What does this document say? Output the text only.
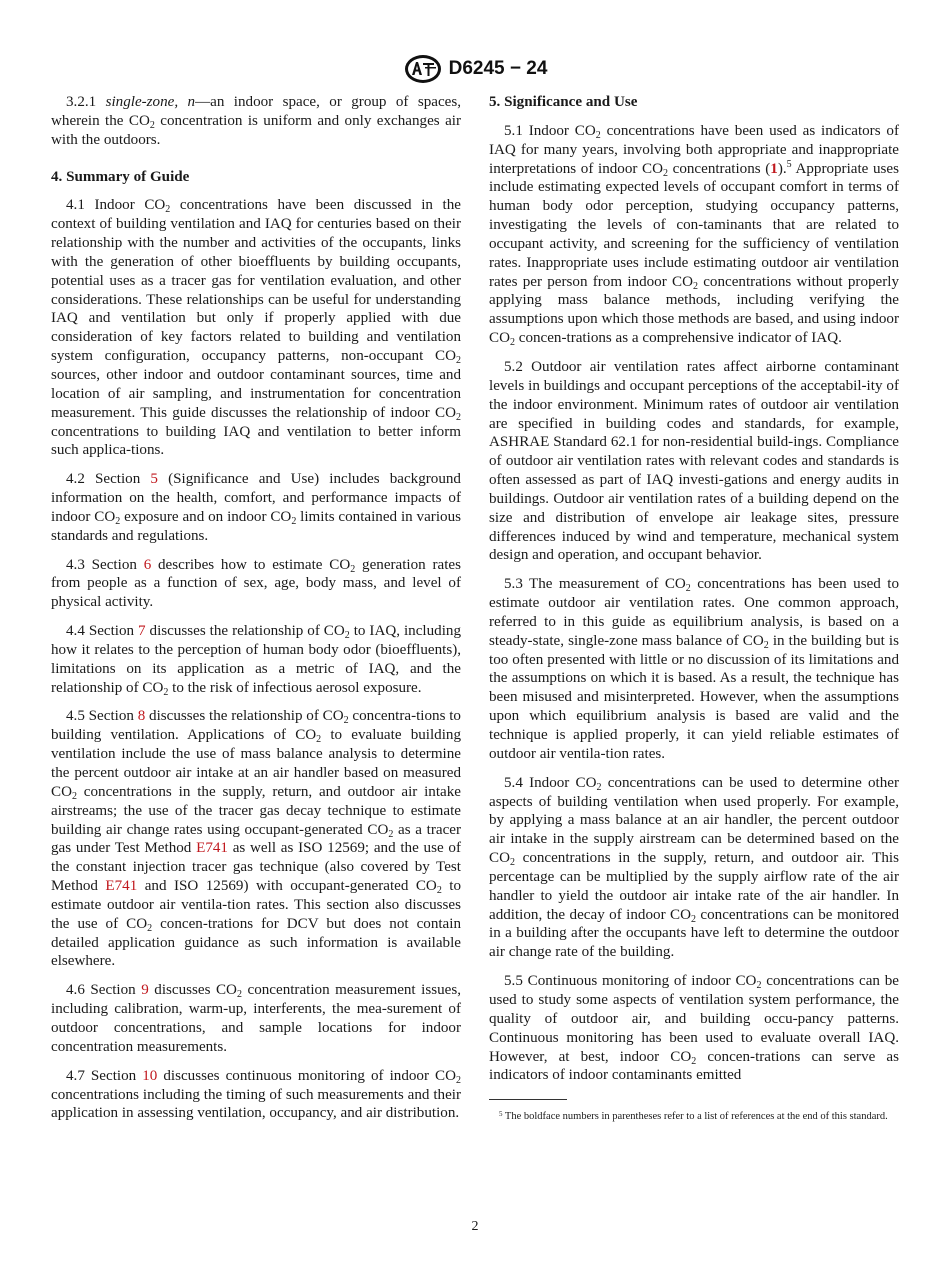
D6245 − 24

3.2.1 single-zone, n—an indoor space, or group of spaces, wherein the $CO_2$ concentration is uniform and only exchanges air with the outdoors.

4. Summary of Guide

4.1 Indoor $CO_2$ concentrations have been discussed in the context of building ventilation and IAQ for centuries based on their relationship with the number and activities of the occupants, links with the generation of other bioeffluents by building occupants, potential uses as a tracer gas for ventilation evaluation, and other considerations. These relationships can be useful for understanding IAQ and ventilation but only if properly applied with due consideration of key factors related to building and ventilation system configuration, occupancy patterns, non-occupant $CO_2$ sources, other indoor and outdoor contaminant sources, time and location of air sampling, and instrumentation for concentration measurement. This guide discusses the relationship of indoor $CO_2$ concentrations to building IAQ and ventilation to better inform such applica-tions.

4.2 Section 5 (Significance and Use) includes background information on the health, comfort, and performance impacts of indoor $CO_2$ exposure and on indoor $CO_2$ limits contained in various standards and regulations.

4.3 Section 6 describes how to estimate $CO_2$ generation rates from people as a function of sex, age, body mass, and level of physical activity.

4.4 Section 7 discusses the relationship of $CO_2$ to IAQ, including how it relates to the perception of human body odor (bioeffluents), limitations on its application as a metric of IAQ, and the relationship of $CO_2$ to the risk of infectious aerosol exposure.

4.5 Section 8 discusses the relationship of $CO_2$ concentra-tions to building ventilation. Applications of $CO_2$ to evaluate building ventilation include the use of mass balance analysis to determine the percent outdoor air intake at an air handler based on measured $CO_2$ concentrations in the supply, return, and outdoor air intake airstreams; the use of the tracer gas decay technique to estimate building air change rates using occupant-generated $CO_2$ as a tracer gas under Test Method E741 as well as ISO 12569; and the use of the constant injection tracer gas technique (also covered by Test Method E741 and ISO 12569) with occupant-generated $CO_2$ to estimate outdoor air ventila-tion rates. This section also discusses the use of $CO_2$ concen-trations for DCV but does not contain detailed application guidance as such information is available elsewhere.

4.6 Section 9 discusses $CO_2$ concentration measurement issues, including calibration, warm-up, interferents, the mea-surement of outdoor concentrations, and sample locations for indoor concentration measurements.

4.7 Section 10 discusses continuous monitoring of indoor $CO_2$ concentrations including the timing of such measurements and their application in assessing ventilation, occupancy, and air distribution.

5. Significance and Use

5.1 Indoor $CO_2$ concentrations have been used as indicators of IAQ for many years, involving both appropriate and inappropriate interpretations of indoor $CO_2$ concentrations (1).$^5$ Appropriate uses include estimating expected levels of occupant comfort in terms of human body odor perception, studying occupancy patterns, investigating the levels of con-taminants that are related to occupant activity, and screening for the sufficiency of ventilation rates. Inappropriate uses include estimating outdoor air ventilation rates per person from indoor $CO_2$ concentrations without properly applying mass balance methods, including verifying the assumptions upon which those methods are based, and using indoor $CO_2$ concen-trations as a comprehensive indicator of IAQ.

5.2 Outdoor air ventilation rates affect airborne contaminant levels in buildings and occupant perceptions of the acceptabil-ity of the indoor environment. Minimum rates of outdoor air ventilation are specified in building codes and standards, for example, ASHRAE Standard 62.1 for non-residential build-ings. Compliance of outdoor air ventilation rates with relevant codes and standards is often assessed as part of IAQ investi-gations and energy audits in buildings. Outdoor air ventilation rates of a building depend on the size and distribution of envelope air leakage sites, pressure differences induced by wind and temperature, mechanical system design and operation, and occupant behavior.

5.3 The measurement of $CO_2$ concentrations has been used to estimate outdoor air ventilation rates. One common approach, referred to in this guide as equilibrium analysis, is based on a steady-state, single-zone mass balance of $CO_2$ in the building but is too often presented with little or no discussion of its limitations and the assumptions on which it is based. As a result, the technique has been misused and misinterpreted. However, when the assumptions upon which equilibrium analysis is based are valid and the technique is applied properly, it can yield reliable estimates of outdoor air ventila-tion rates.

5.4 Indoor $CO_2$ concentrations can be used to determine other aspects of building ventilation when used properly. For example, by applying a mass balance at an air handler, the percent outdoor air intake in the supply airstream can be determined based on the $CO_2$ concentrations in the supply, return, and outdoor air. This percentage can be multiplied by the supply airflow rate of the air handler to yield the outdoor air intake rate of the air handler. In addition, the decay of indoor $CO_2$ concentrations can be monitored in a building after the occupants have left to determine the outdoor air change rate of the building.

5.5 Continuous monitoring of indoor $CO_2$ concentrations can be used to study some aspects of ventilation system performance, the quality of outdoor air, and building occu-pancy patterns. Continuous monitoring has been used to evaluate overall IAQ. However, at best, indoor $CO_2$ concen-trations can serve as indicators of indoor contaminants emitted

$^5$ The boldface numbers in parentheses refer to a list of references at the end of this standard.

2
